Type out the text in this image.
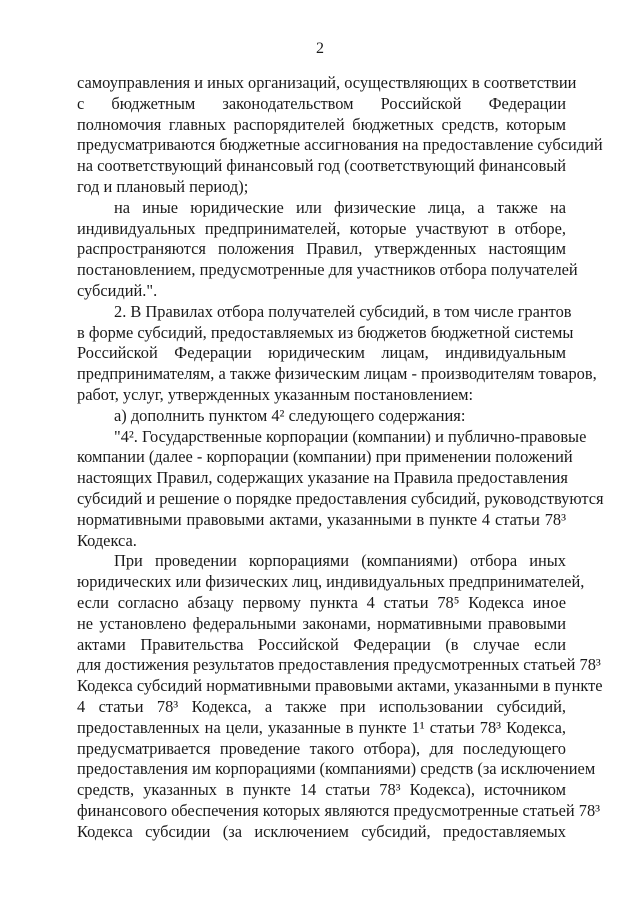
2
самоуправления и иных организаций, осуществляющих в соответствии
с бюджетным законодательством Российской Федерации
полномочия главных распорядителей бюджетных средств, которым
предусматриваются бюджетные ассигнования на предоставление субсидий
на соответствующий финансовый год (соответствующий финансовый
год и плановый период);
на иные юридические или физические лица, а также на
индивидуальных предпринимателей, которые участвуют в отборе,
распространяются положения Правил, утвержденных настоящим
постановлением, предусмотренные для участников отбора получателей
субсидий.".
2. В Правилах отбора получателей субсидий, в том числе грантов
в форме субсидий, предоставляемых из бюджетов бюджетной системы
Российской Федерации юридическим лицам, индивидуальным
предпринимателям, а также физическим лицам - производителям товаров,
работ, услуг, утвержденных указанным постановлением:
а) дополнить пунктом 4² следующего содержания:
"4². Государственные корпорации (компании) и публично-правовые
компании (далее - корпорации (компании) при применении положений
настоящих Правил, содержащих указание на Правила предоставления
субсидий и решение о порядке предоставления субсидий, руководствуются
нормативными правовыми актами, указанными в пункте 4 статьи 78³
Кодекса.
При проведении корпорациями (компаниями) отбора иных
юридических или физических лиц, индивидуальных предпринимателей,
если согласно абзацу первому пункта 4 статьи 78⁵ Кодекса иное
не установлено федеральными законами, нормативными правовыми
актами Правительства Российской Федерации (в случае если
для достижения результатов предоставления предусмотренных статьей 78³
Кодекса субсидий нормативными правовыми актами, указанными в пункте
4 статьи 78³ Кодекса, а также при использовании субсидий,
предоставленных на цели, указанные в пункте 1¹ статьи 78³ Кодекса,
предусматривается проведение такого отбора), для последующего
предоставления им корпорациями (компаниями) средств (за исключением
средств, указанных в пункте 14 статьи 78³ Кодекса), источником
финансового обеспечения которых являются предусмотренные статьей 78³
Кодекса субсидии (за исключением субсидий, предоставляемых
